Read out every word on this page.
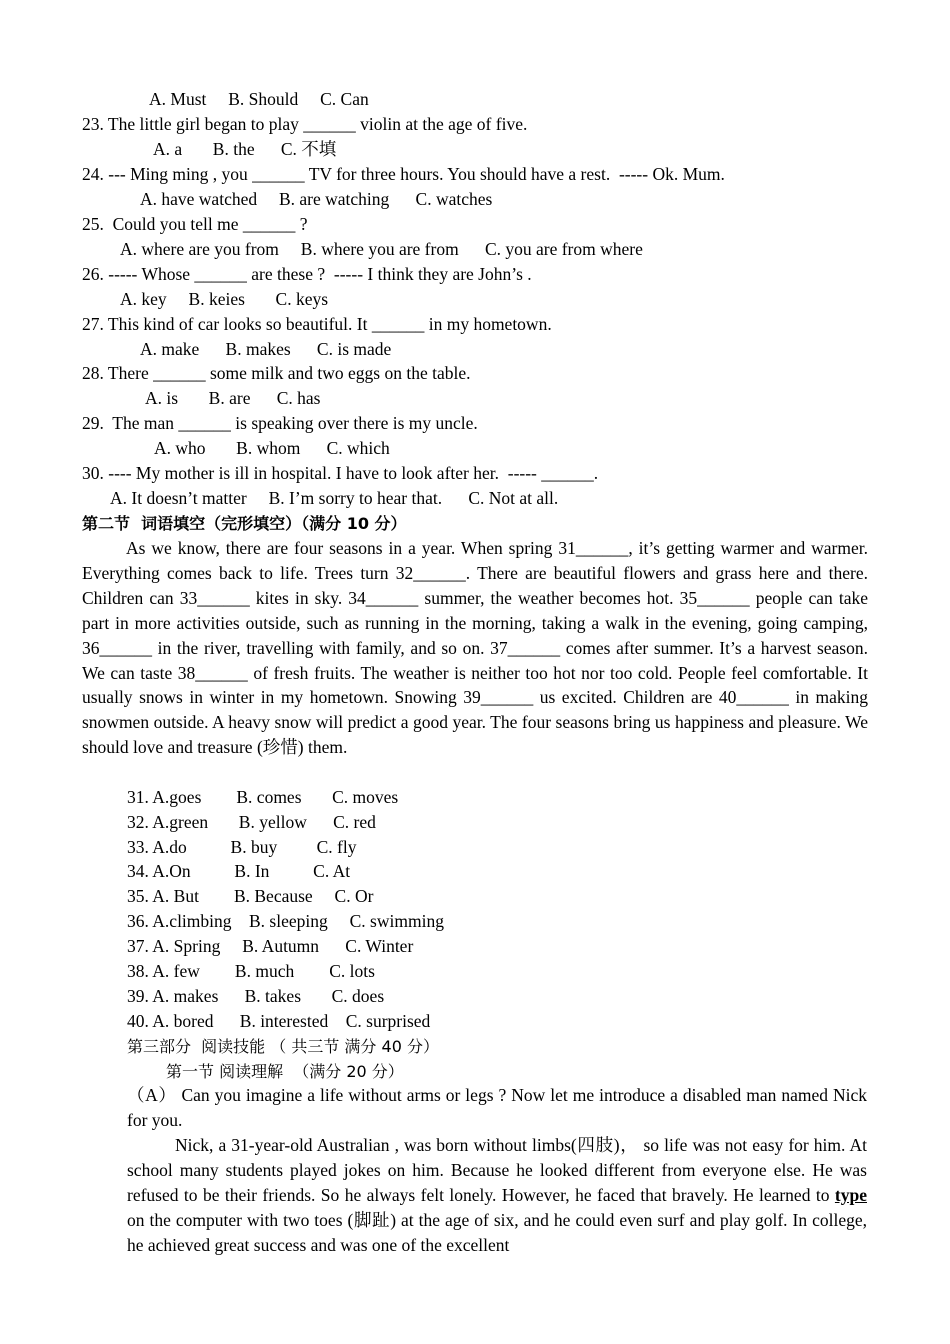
A. Must     B. Should     C. Can
23. The little girl began to play ______ violin at the age of five.
A. a       B. the      C. 不填
24. --- Ming ming , you ______ TV for three hours. You should have a rest.  ----- Ok. Mum.
A. have watched     B. are watching      C. watches
25.  Could you tell me ______ ?
A. where are you from     B. where you are from      C. you are from where
26. ----- Whose ______ are these ?  ----- I think they are John’s .
A. key     B. keies       C. keys
27. This kind of car looks so beautiful. It ______ in my hometown.
A. make      B. makes      C. is made
28. There ______ some milk and two eggs on the table.
A. is       B. are      C. has
29.  The man ______ is speaking over there is my uncle.
A. who       B. whom      C. which
30. ---- My mother is ill in hospital. I have to look after her.  ----- ______.
A. It doesn’t matter     B. I’m sorry to hear that.      C. Not at all.
第二节  词语填空（完形填空）（满分 10 分）
As we know, there are four seasons in a year. When spring 31______, it’s getting warmer and warmer. Everything comes back to life. Trees turn 32______. There are beautiful flowers and grass here and there. Children can 33______ kites in sky. 34______ summer, the weather becomes hot. 35______ people can take part in more activities outside, such as running in the morning, taking a walk in the evening, going camping, 36______ in the river, travelling with family, and so on. 37______ comes after summer. It’s a harvest season. We can taste 38______ of fresh fruits. The weather is neither too hot nor too cold. People feel comfortable. It usually snows in winter in my hometown. Snowing 39______ us excited. Children are 40______ in making snowmen outside. A heavy snow will predict a good year. The four seasons bring us happiness and pleasure. We should love and treasure (珍惜) them.
31. A.goes        B. comes       C. moves
32. A.green       B. yellow      C. red
33. A.do          B. buy         C. fly
34. A.On          B. In          C. At
35. A. But        B. Because     C. Or
36. A.climbing    B. sleeping     C. swimming
37. A. Spring     B. Autumn      C. Winter
38. A. few        B. much        C. lots
39. A. makes      B. takes       C. does
40. A. bored      B. interested    C. surprised
第三部分  阅读技能 （ 共三节 满分 40 分）
第一节 阅读理解  （满分 20 分）
（A） Can you imagine a life without arms or legs ? Now let me introduce a disabled man named Nick for you.
Nick, a 31-year-old Australian , was born without limbs(四肢)， so life was not easy for him. At school many students played jokes on him. Because he looked different from everyone else. He was refused to be their friends. So he always felt lonely. However, he faced that bravely. He learned to type on the computer with two toes (脚趾) at the age of six, and he could even surf and play golf. In college, he achieved great success and was one of the excellent
